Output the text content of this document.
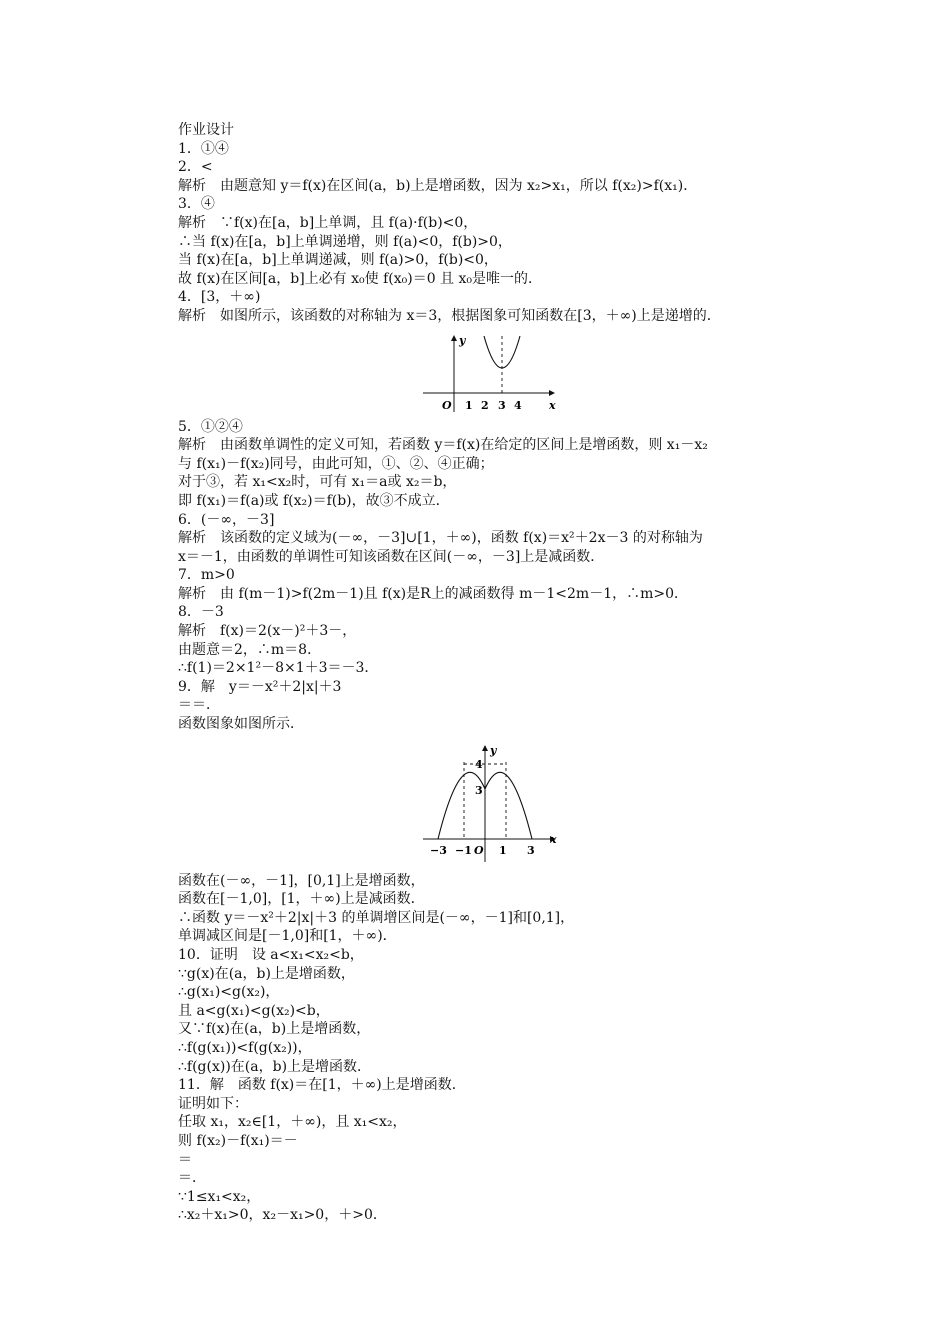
作业设计
1．①④
2．<
解析　由题意知 y＝f(x)在区间(a，b)上是增函数，因为 x₂>x₁，所以 f(x₂)>f(x₁)．
3．④
解析　∵f(x)在[a，b]上单调，且 f(a)·f(b)<0，
∴当 f(x)在[a，b]上单调递增，则 f(a)<0，f(b)>0，
当 f(x)在[a，b]上单调递减，则 f(a)>0，f(b)<0，
故 f(x)在区间[a，b]上必有 x₀使 f(x₀)＝0 且 x₀是唯一的．
4．[3，＋∞)
解析　如图所示，该函数的对称轴为 x＝3，根据图象可知函数在[3，＋∞)上是递增的．
y
x
O 1 2 3 4
5．①②④
解析　由函数单调性的定义可知，若函数 y＝f(x)在给定的区间上是增函数，则 x₁－x₂
与 f(x₁)－f(x₂)同号，由此可知，①、②、④正确；
对于③，若 x₁<x₂时，可有 x₁＝a或 x₂＝b，
即 f(x₁)＝f(a)或 f(x₂)＝f(b)，故③不成立．
6．(－∞，－3]
解析　该函数的定义域为(－∞，－3]∪[1，＋∞)，函数 f(x)＝x²＋2x－3 的对称轴为
x＝－1，由函数的单调性可知该函数在区间(－∞，－3]上是减函数．
7．m>0
解析　由 f(m－1)>f(2m－1)且 f(x)是R上的减函数得 m－1<2m－1，∴m>0．
8．－3
解析　f(x)＝2(x－)²＋3－，
由题意＝2，∴m＝8．
∴f(1)＝2×1²－8×1＋3＝－3．
9．解　y＝－x²＋2|x|＋3
＝＝．
函数图象如图所示．
y
x
4
3
−3 −1 O 1 3
函数在(－∞，－1]，[0,1]上是增函数，
函数在[－1,0]，[1，＋∞)上是减函数．
∴函数 y＝－x²＋2|x|＋3 的单调增区间是(－∞，－1]和[0,1]，
单调减区间是[－1,0]和[1，＋∞)．
10．证明　设 a<x₁<x₂<b，
∵g(x)在(a，b)上是增函数，
∴g(x₁)<g(x₂)，
且 a<g(x₁)<g(x₂)<b，
又∵f(x)在(a，b)上是增函数，
∴f(g(x₁))<f(g(x₂))，
∴f(g(x))在(a，b)上是增函数．
11．解　函数 f(x)＝在[1，＋∞)上是增函数．
证明如下：
任取 x₁，x₂∈[1，＋∞)，且 x₁<x₂，
则 f(x₂)－f(x₁)＝－
＝
＝．
∵1≤x₁<x₂，
∴x₂＋x₁>0，x₂－x₁>0，＋>0．
